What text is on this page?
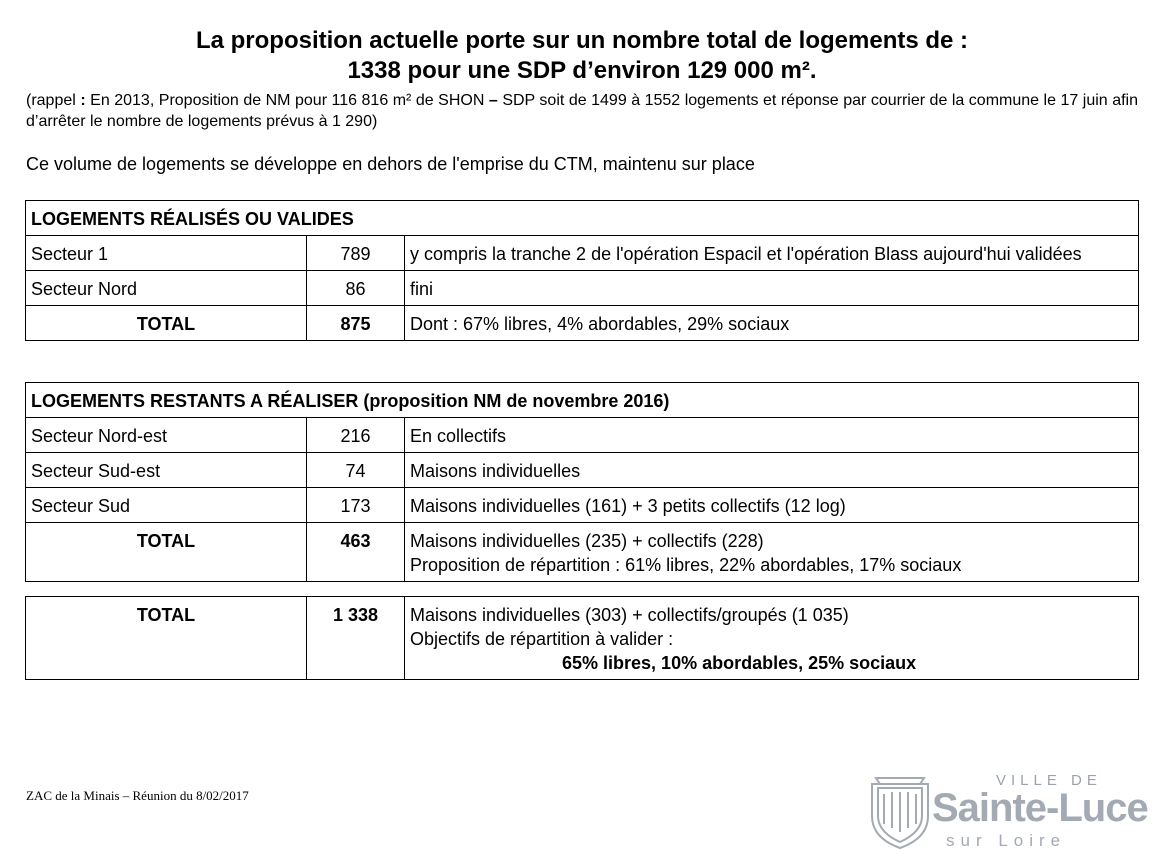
La proposition actuelle porte sur un nombre total de logements de :
1338 pour une SDP d’environ 129 000 m².
(rappel : En 2013, Proposition de NM pour 116 816 m² de SHON – SDP soit de 1499 à 1552 logements et réponse par courrier de la commune le 17 juin afin d’arrêter le nombre de logements prévus à 1 290)
Ce volume de logements se développe en dehors de l'emprise du CTM, maintenu sur place
LOGEMENTS RÉALISÉS OU VALIDES		
Secteur 1	789	y compris la tranche 2 de l'opération Espacil et l'opération Blass aujourd'hui validées
Secteur Nord	86	fini
TOTAL	875	Dont : 67% libres, 4% abordables, 29% sociaux
LOGEMENTS RESTANTS A RÉALISER (proposition NM de novembre 2016)		
Secteur Nord-est	216	En collectifs
Secteur Sud-est	74	Maisons individuelles
Secteur Sud	173	Maisons individuelles (161) + 3 petits collectifs (12 log)
TOTAL	463	Maisons individuelles (235) + collectifs (228)
Proposition de répartition : 61% libres, 22% abordables, 17% sociaux
TOTAL	1 338	Maisons individuelles (303) + collectifs/groupés (1 035)
Objectifs de répartition à valider :
65% libres, 10% abordables, 25% sociaux
ZAC de la Minais – Réunion du 8/02/2017
VILLE DE
Sainte-Luce
sur Loire
